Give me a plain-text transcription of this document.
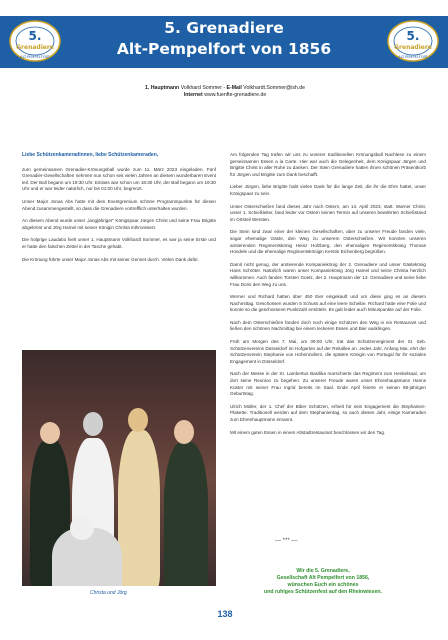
5.
Grenadiere
ALT-PEMPELFORT
5. Grenadiere
Alt-Pempelfort von 1856
5.
Grenadiere
ALT-PEMPELFORT
1. Hauptmann Volkhard Sommer - E-Mail Volkhardt.Sommer@ish.de
Internet www.fuenfte-grenadiere.de

Liebe Schützenkameradinnen, liebe Schützenkameraden,

zum gemeinsamen Grenadier-Krönungsball wurde zum 11. März 2023 eingeladen. Fünf Grenadier-Gesellschaften nehmen nun schon seit vielen Jahren an diesem wunderbaren Event teil. Der Ball begann um 19:30 Uhr. Einlass war schon um 18:30 Uhr, der Ball begann um 19:30 Uhr und er war leider natürlich, nur bis 01:00 Uhr, begrenzt.

Unser Major Jonas Abs hatte mit dem Eventgremium schöne Programmpunkte für diesen Abend zusammengestellt, so dass die Grenadiere vortrefflich unterhalten wurden.

An diesem Abend wurde unser „langjähriger“ Königspaar Jürgen Christ und seine Frau Brigitte abgekrönt und Jörg Hamel mit seiner Königin Christa inthronisiert.

Die holprige Laudatio hielt unser 1. Hauptmann Volkhardt Sommer, es war ja seine Erste und er hatte den falschen Zettel in der Tasche gehabt.

Die Krönung führte unser Major Jonas Abs mit seiner Gennet durch. Vielen Dank dafür.

Christa und Jörg

Am folgenden Tag trafen wir uns zu unserer traditionellen Krönungsball Nachlese zu einem gemeinsamen Essen a la Carte. Hier war auch die Gelegenheit, dem Königspaar Jürgen und Brigitte Christ in aller Ruhe zu danken. Der Stein Grenadiere hatten ihnen schönen Präsentkorb für Jürgen und Brigitte zum Dank beschafft.

Lieber Jürgen, liebe Brigitte habt vielen Dank für die lange Zeit, die ihr die Ehre hattet, unser Königspaar zu sein.

Unser Osterschießen fand dieses Jahr nach Ostern, am 14. April 2023, statt. Warner Christ, unser 1. Schießleiter, fand leider vor Ostern keinen Termin auf unseren bewährten Schießstand im Ortsteil Wersten.

Die Stein sind zwar einer der kleinen Gesellschaften, aber zu unserer Freude fanden viele, sogar ehemalige Gäste, den Weg zu unserem Osterschießen. Wir konnten unseren amtierenden Regimentskönig Heinz Holzberg, den ehemaligen Regimentskönig Thomas Hondele und die ehemalige Regimentskönigin Kerstin Eichenberg begrüßen.

Damit nicht genug, der amtierende Kompaniekönig der 2. Grenadiere und unser Gästekönig Hans Schröter. Natürlich waren unser Kompaniekönig Jörg Hamel und seine Christa herzlich willkommen. Auch fanden Torsten Goetz, der 2. Hauptmann der 13. Grenadiere und seine liebe Frau Doris den Weg zu uns.

Werner und Richard hatten über 450 Eier eingekauft und um diese ging es an diesem Nachmittag. Geschossen wurden 5 Schuss auf eine leere Scheibe. Richard hatte eine Folie und konnte so die geschossene Punktzahl ermitteln. Es gab leider auch Minuspunkte auf der Folie.

Nach dem Osterschießen fanden doch noch einige Schützen den Weg in ein Restaurant und ließen den schönen Nachmittag bei einem leckeren Essen und Bier ausklingen.

Früh am Morgen des 7. Mai, um 09:00 Uhr, trat das Schützenregiment der St. Seb. Schützenvereins Düsseldorf im Hofgarten auf der Reitallee an. Jedes Jahr, Anfang Mai, ehrt der Schützenverein Stephanie von Hohenzollern, die spätere Königin von Portugal für ihr soziales Engagement in Düsseldorf.

Nach der Messe in der St. Lambertus Basilika marschierte das Regiment zum Henkelsaal, um dort seine Reunion zu begehen. Zu unserer Freude waren unser Ehrenhauptmann Hanns Küster mit seiner Frau Ingrid bereits im Saal. Ende April feierte er seinen 88-jährigen Geburtstag.

Ulrich Müller, der 1. Chef der Biber Schützen, erhielt für sein Engagement die Stephanien-Plakette. Traditionell werden auf dem Stephanientag, so auch diesen Jahr, einige Kameraden zum Ehrenhauptmann ernannt.

Mit einem guten Essen in einem Altstadtrestaurant beschlossen wir den Tag.

— *** —
Wir die 5. Grenadiere,
Gesellschaft Alt Pempelfort von 1856,
wünschen Euch ein schönes
und ruhiges Schützenfest auf den Rheinwiesen.
138
